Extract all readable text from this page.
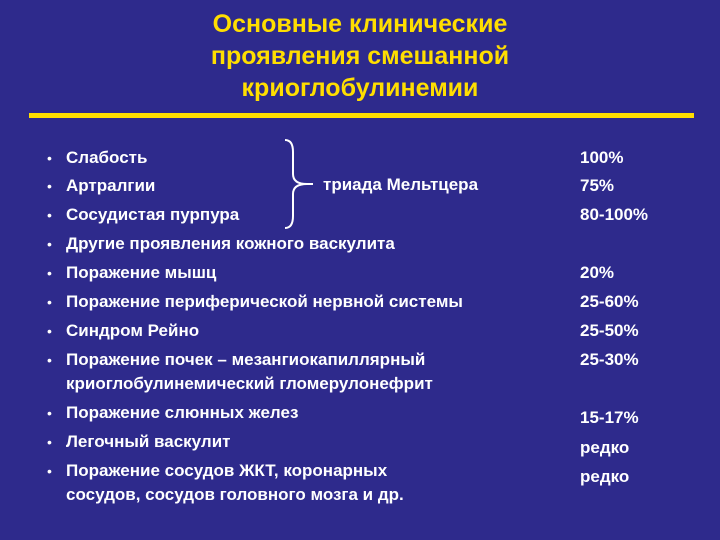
Основные клинические
проявления смешанной
криоглобулинемии
•
•
•
•
•
•
•
•
•
•
•
Слабость
Артралгии
Сосудистая пурпура
Другие проявления кожного васкулита
Поражение мышц
Поражение периферической нервной системы
Синдром Рейно
Поражение почек – мезангиокапиллярный
криоглобулинемический гломерулонефрит
Поражение слюнных желез
Легочный васкулит
Поражение сосудов ЖКТ, коронарных
сосудов, сосудов головного мозга и др.
триада Мельтцера
100%
75%
80-100%
20%
25-60%
25-50%
25-30%
15-17%
редко
редко
